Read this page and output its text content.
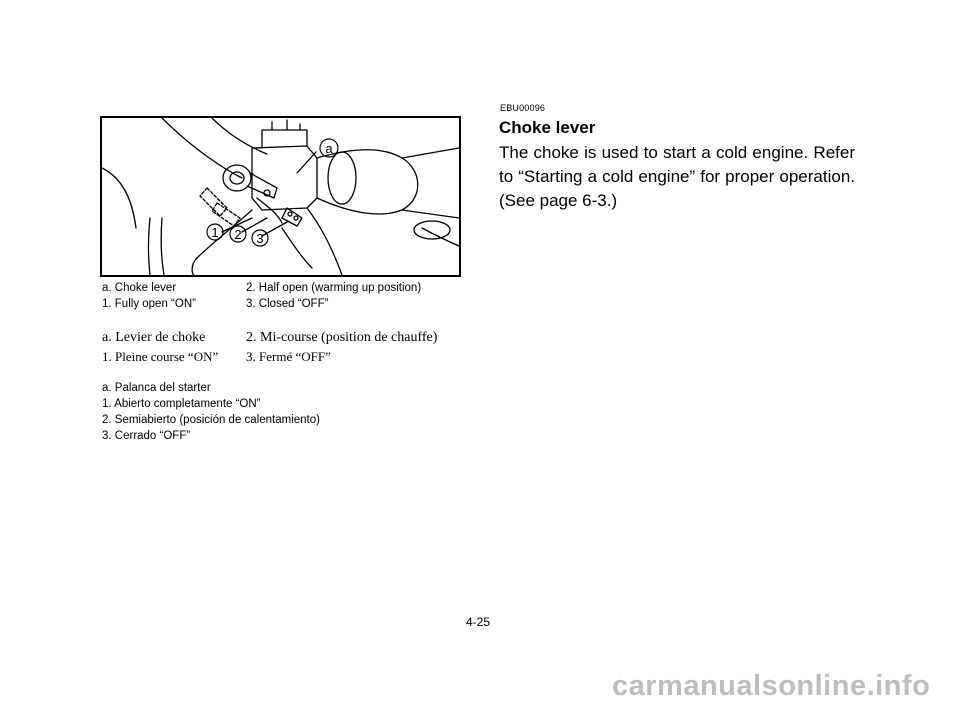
a
1 2 3
a. Choke lever	2. Half open (warming up position)
1. Fully open “ON”	3. Closed “OFF”
a. Levier de choke	2. Mi-course (position de chauffe)
1. Pleine course “ON”	3. Fermé “OFF”
a. Palanca del starter
1. Abierto completamente “ON”
2. Semiabierto (posición de calentamiento)
3. Cerrado “OFF”
EBU00096
Choke lever
The choke is used to start a cold engine. Refer to “Starting a cold engine” for proper operation. (See page 6-3.)
4-25
carmanualsonline.info
